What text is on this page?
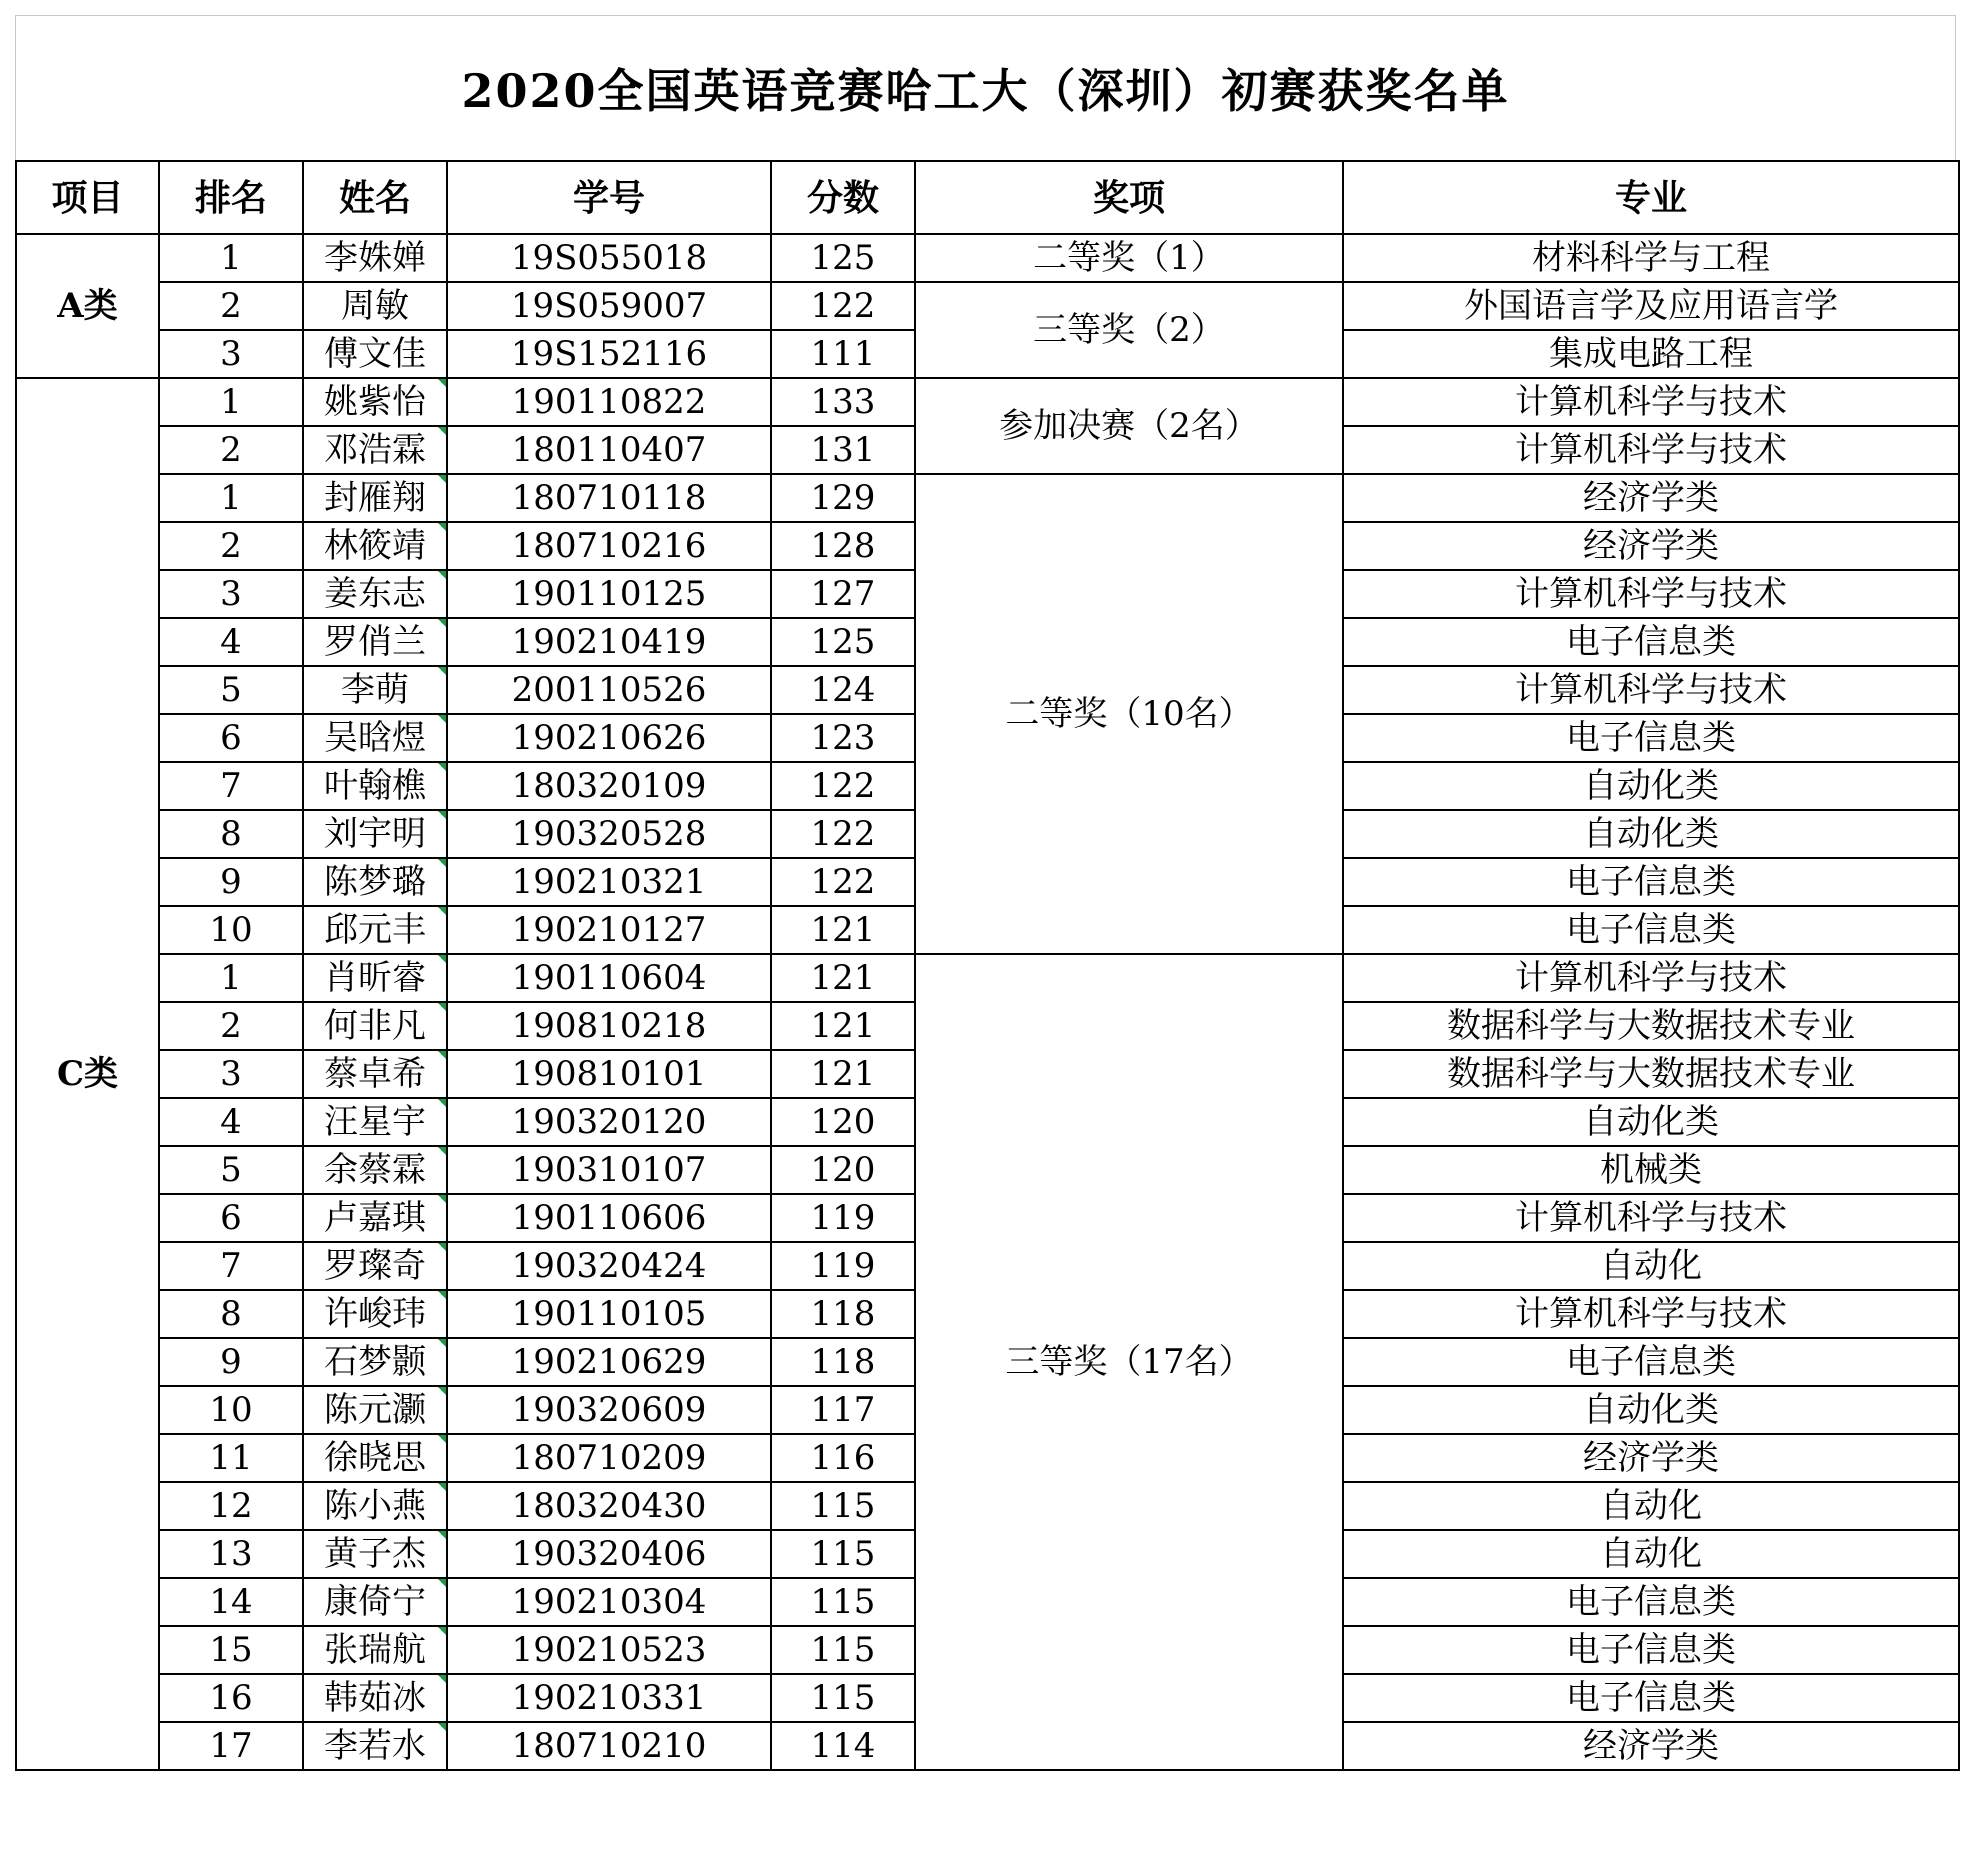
2020全国英语竞赛哈工大（深圳）初赛获奖名单
项目	排名	姓名	学号	分数	奖项	专业
A类	1	李姝婵	19S055018	125	二等奖（1）	材料科学与工程
	2	周敏	19S059007	122	三等奖（2）	外国语言学及应用语言学
	3	傅文佳	19S152116	111		集成电路工程
C类	1	姚紫怡	190110822	133	参加决赛（2名）	计算机科学与技术
	2	邓浩霖	180110407	131		计算机科学与技术
	1	封雁翔	180710118	129	二等奖（10名）	经济学类
	2	林筱靖	180710216	128		经济学类
	3	姜东志	190110125	127		计算机科学与技术
	4	罗俏兰	190210419	125		电子信息类
	5	李萌	200110526	124		计算机科学与技术
	6	吴晗煜	190210626	123		电子信息类
	7	叶翰樵	180320109	122		自动化类
	8	刘宇明	190320528	122		自动化类
	9	陈梦璐	190210321	122		电子信息类
	10	邱元丰	190210127	121		电子信息类
	1	肖昕睿	190110604	121	三等奖（17名）	计算机科学与技术
	2	何非凡	190810218	121		数据科学与大数据技术专业
	3	蔡卓希	190810101	121		数据科学与大数据技术专业
	4	汪星宇	190320120	120		自动化类
	5	余蔡霖	190310107	120		机械类
	6	卢嘉琪	190110606	119		计算机科学与技术
	7	罗璨奇	190320424	119		自动化
	8	许峻玮	190110105	118		计算机科学与技术
	9	石梦颢	190210629	118		电子信息类
	10	陈元灏	190320609	117		自动化类
	11	徐晓思	180710209	116		经济学类
	12	陈小燕	180320430	115		自动化
	13	黄子杰	190320406	115		自动化
	14	康倚宁	190210304	115		电子信息类
	15	张瑞航	190210523	115		电子信息类
	16	韩茹冰	190210331	115		电子信息类
	17	李若水	180710210	114		经济学类
